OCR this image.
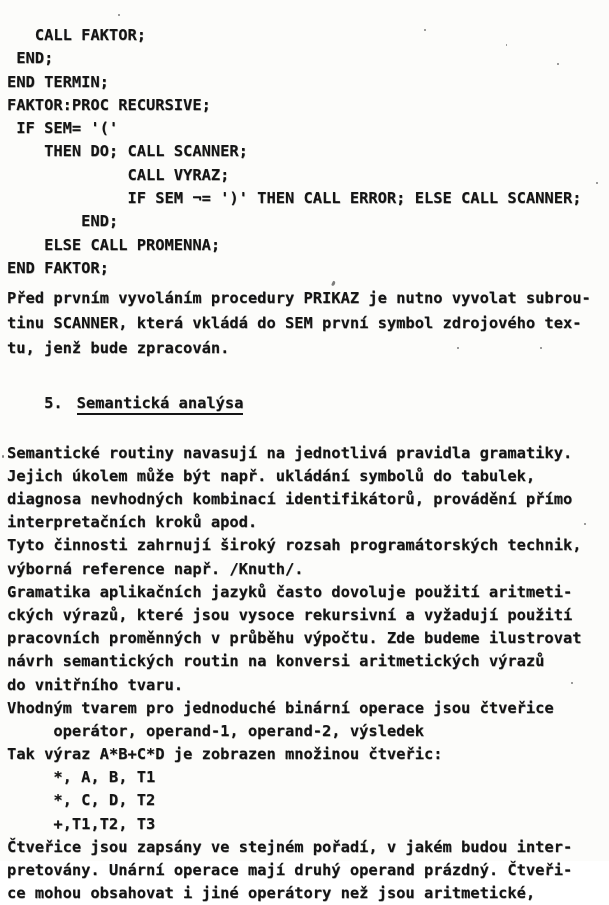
CALL FAKTOR;
END;
END TERMIN;
FAKTOR:PROC RECURSIVE;
IF SEM= '('
THEN DO; CALL SCANNER;
CALL VYRAZ;
IF SEM ¬= ')' THEN CALL ERROR; ELSE CALL SCANNER;
END;
ELSE CALL PROMENNA;
END FAKTOR;
Před prvním vyvoláním procedury PRIKAZ je nutno vyvolat subrou-
tinu SCANNER, která vkládá do SEM první symbol zdrojového tex-
tu, jenž bude zpracován.

5. Semantická analýsa

Semantické routiny navasují na jednotlivá pravidla gramatiky.
Jejich úkolem může být např. ukládání symbolů do tabulek,
diagnosa nevhodných kombinací identifikátorů, provádění přímo
interpretačních kroků apod.
Tyto činnosti zahrnují široký rozsah programátorských technik,
výborná reference např. /Knuth/.
Gramatika aplikačních jazyků často dovoluje použití aritmeti-
ckých výrazů, které jsou vysoce rekursivní a vyžadují použití
pracovních proměnných v průběhu výpočtu. Zde budeme ilustrovat
návrh semantických routin na konversi aritmetických výrazů
do vnitřního tvaru.
Vhodným tvarem pro jednoduché binární operace jsou čtveřice
operátor, operand-1, operand-2, výsledek
Tak výraz A*B+C*D je zobrazen množinou čtveřic:
*, A, B, T1
*, C, D, T2
+,T1,T2, T3
Čtveřice jsou zapsány ve stejném pořadí, v jakém budou inter-
pretovány. Unární operace mají druhý operand prázdný. Čtveři-
ce mohou obsahovat i jiné operátory než jsou aritmetické,
